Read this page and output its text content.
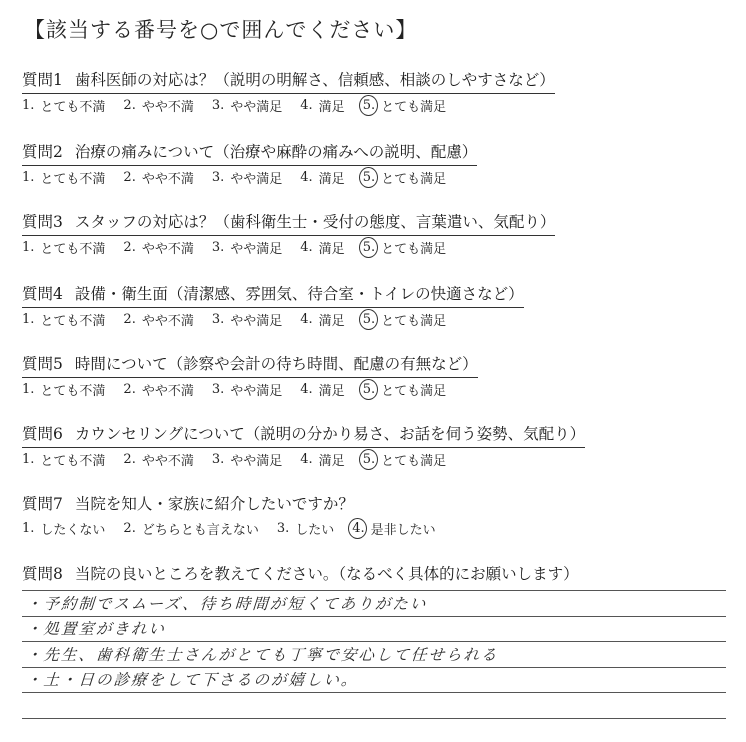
【該当する番号を○で囲んでください】
質問1 歯科医師の対応は？（説明の明解さ、信頼感、相談のしやすさなど）
1. とても不満 2. やや不満 3. やや満足 4. 満足 5. とても満足
質問2 治療の痛みについて（治療や麻酔の痛みへの説明、配慮）
1. とても不満 2. やや不満 3. やや満足 4. 満足 5. とても満足
質問3 スタッフの対応は？（歯科衛生士・受付の態度、言葉遣い、気配り）
1. とても不満 2. やや不満 3. やや満足 4. 満足 5. とても満足
質問4 設備・衛生面（清潔感、雰囲気、待合室・トイレの快適さなど）
1. とても不満 2. やや不満 3. やや満足 4. 満足 5. とても満足
質問5 時間について（診察や会計の待ち時間、配慮の有無など）
1. とても不満 2. やや不満 3. やや満足 4. 満足 5. とても満足
質問6 カウンセリングについて（説明の分かり易さ、お話を伺う姿勢、気配り）
1. とても不満 2. やや不満 3. やや満足 4. 満足 5. とても満足
質問7 当院を知人・家族に紹介したいですか？
1. したくない 2. どちらとも言えない 3. したい 4. 是非したい
質問8 当院の良いところを教えてください。（なるべく具体的にお願いします）
・予約制でスムーズ、待ち時間が短くてありがたい
・処置室がきれい
・先生、歯科衛生士さんがとても丁寧で安心して任せられる
・土・日の診療をして下さるのが嬉しい。
